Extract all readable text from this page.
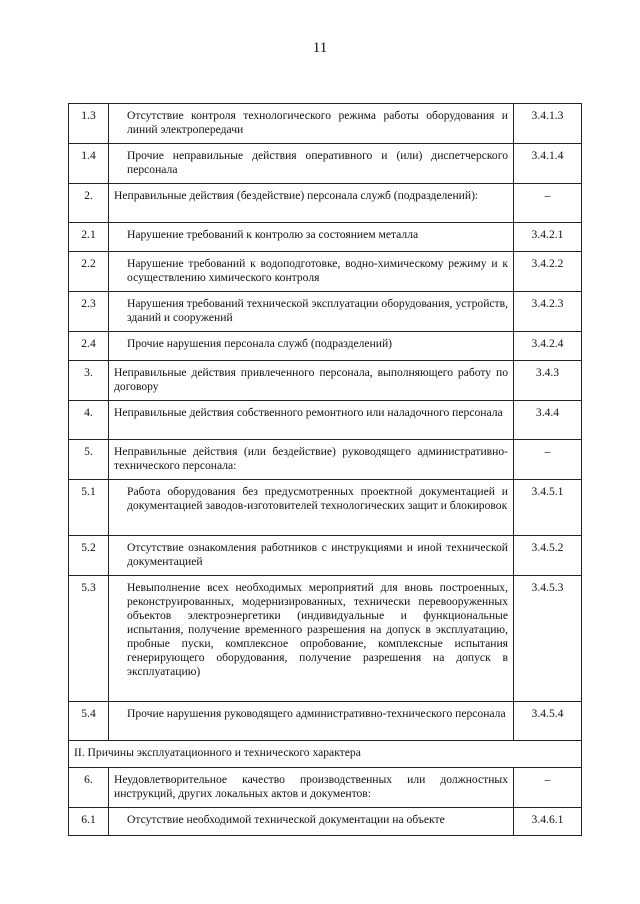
11
1.3	Отсутствие контроля технологического режима работы оборудования и линий электропередачи	3.4.1.3
1.4	Прочие неправильные действия оперативного и (или) диспетчерского персонала	3.4.1.4
2.	Неправильные действия (бездействие) персонала служб (подразделений):	–
2.1	Нарушение требований к контролю за состоянием металла	3.4.2.1
2.2	Нарушение требований к водоподготовке, водно-химическому режиму и к осуществлению химического контроля	3.4.2.2
2.3	Нарушения требований технической эксплуатации оборудования, устройств, зданий и сооружений	3.4.2.3
2.4	Прочие нарушения персонала служб (подразделений)	3.4.2.4
3.	Неправильные действия привлеченного персонала, выполняющего работу по договору	3.4.3
4.	Неправильные действия собственного ремонтного или наладочного персонала	3.4.4
5.	Неправильные действия (или бездействие) руководящего административно-технического персонала:	–
5.1	Работа оборудования без предусмотренных проектной документацией и документацией заводов-изготовителей технологических защит и блокировок	3.4.5.1
5.2	Отсутствие ознакомления работников с инструкциями и иной технической документацией	3.4.5.2
5.3	Невыполнение всех необходимых мероприятий для вновь построенных, реконструированных, модернизированных, технически перевооруженных объектов электроэнергетики (индивидуальные и функциональные испытания, получение временного разрешения на допуск в эксплуатацию, пробные пуски, комплексное опробование, комплексные испытания генерирующего оборудования, получение разрешения на допуск в эксплуатацию)	3.4.5.3
5.4	Прочие нарушения руководящего административно-технического персонала	3.4.5.4
II. Причины эксплуатационного и технического характера		
6.	Неудовлетворительное качество производственных или должностных инструкций, других локальных актов и документов:	–
6.1	Отсутствие необходимой технической документации на объекте	3.4.6.1
